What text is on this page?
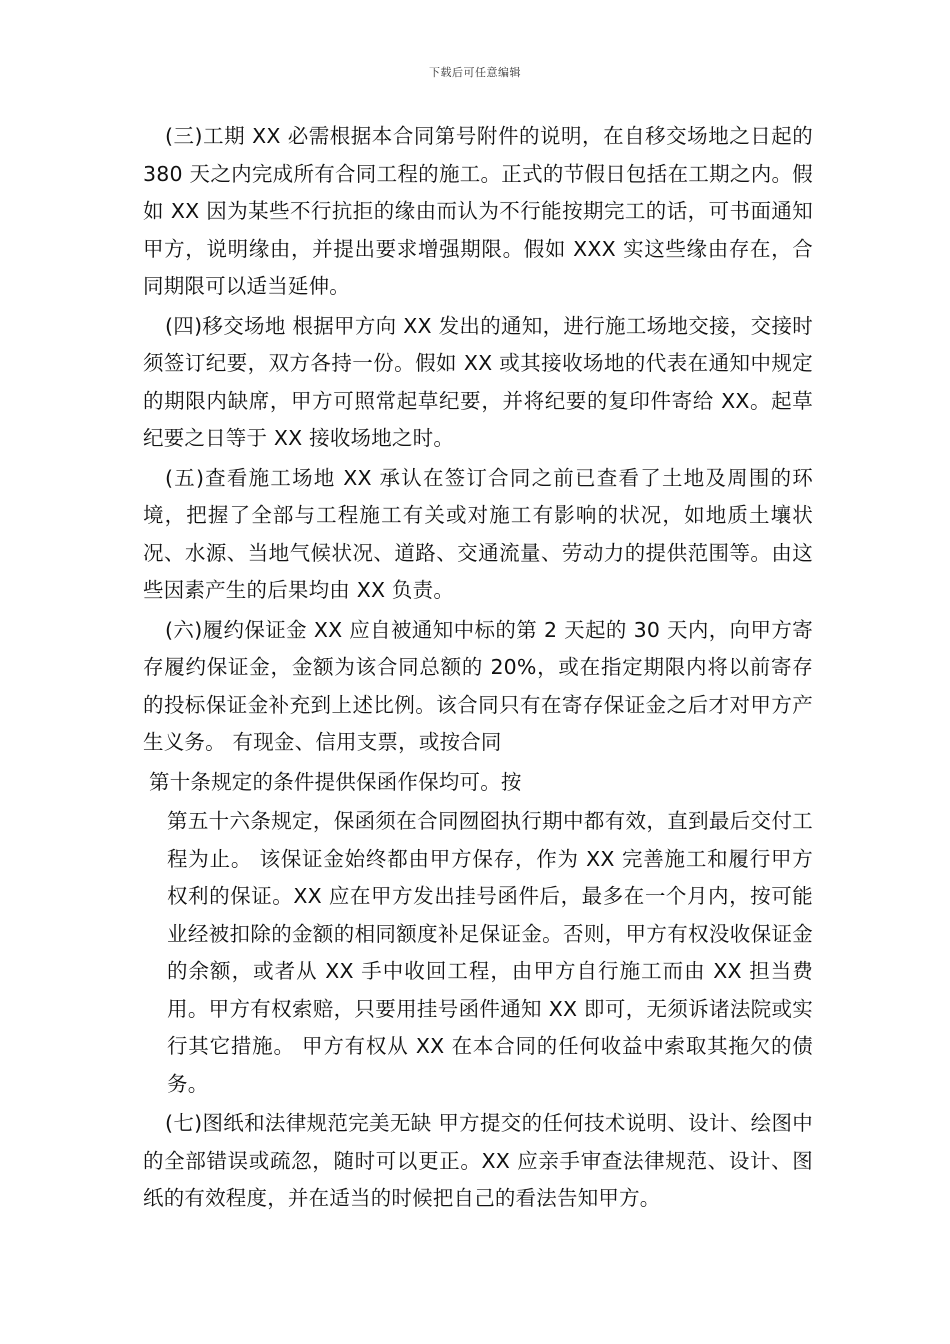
下载后可任意编辑

(三)工期 XX 必需根据本合同第号附件的说明，在自移交场地之日起的 380 天之内完成所有合同工程的施工。正式的节假日包括在工期之内。假如 XX 因为某些不行抗拒的缘由而认为不行能按期完工的话，可书面通知甲方，说明缘由，并提出要求增强期限。假如 XXX 实这些缘由存在，合同期限可以适当延伸。

(四)移交场地 根据甲方向 XX 发出的通知，进行施工场地交接，交接时须签订纪要，双方各持一份。假如 XX 或其接收场地的代表在通知中规定的期限内缺席，甲方可照常起草纪要，并将纪要的复印件寄给 XX。起草纪要之日等于 XX 接收场地之时。

(五)查看施工场地 XX 承认在签订合同之前已查看了土地及周围的环境，把握了全部与工程施工有关或对施工有影响的状况，如地质土壤状况、水源、当地气候状况、道路、交通流量、劳动力的提供范围等。由这些因素产生的后果均由 XX 负责。

(六)履约保证金 XX 应自被通知中标的第 2 天起的 30 天内，向甲方寄存履约保证金，金额为该合同总额的 20%，或在指定期限内将以前寄存的投标保证金补充到上述比例。该合同只有在寄存保证金之后才对甲方产生义务。 有现金、信用支票，或按合同

第十条规定的条件提供保函作保均可。按

第五十六条规定，保函须在合同囫囵执行期中都有效，直到最后交付工程为止。 该保证金始终都由甲方保存，作为 XX 完善施工和履行甲方权利的保证。XX 应在甲方发出挂号函件后，最多在一个月内，按可能业经被扣除的金额的相同额度补足保证金。否则，甲方有权没收保证金的余额，或者从 XX 手中收回工程，由甲方自行施工而由 XX 担当费用。甲方有权索赔，只要用挂号函件通知 XX 即可，无须诉诸法院或实行其它措施。 甲方有权从 XX 在本合同的任何收益中索取其拖欠的债务。

(七)图纸和法律规范完美无缺 甲方提交的任何技术说明、设计、绘图中的全部错误或疏忽，随时可以更正。XX 应亲手审查法律规范、设计、图纸的有效程度，并在适当的时候把自己的看法告知甲方。
